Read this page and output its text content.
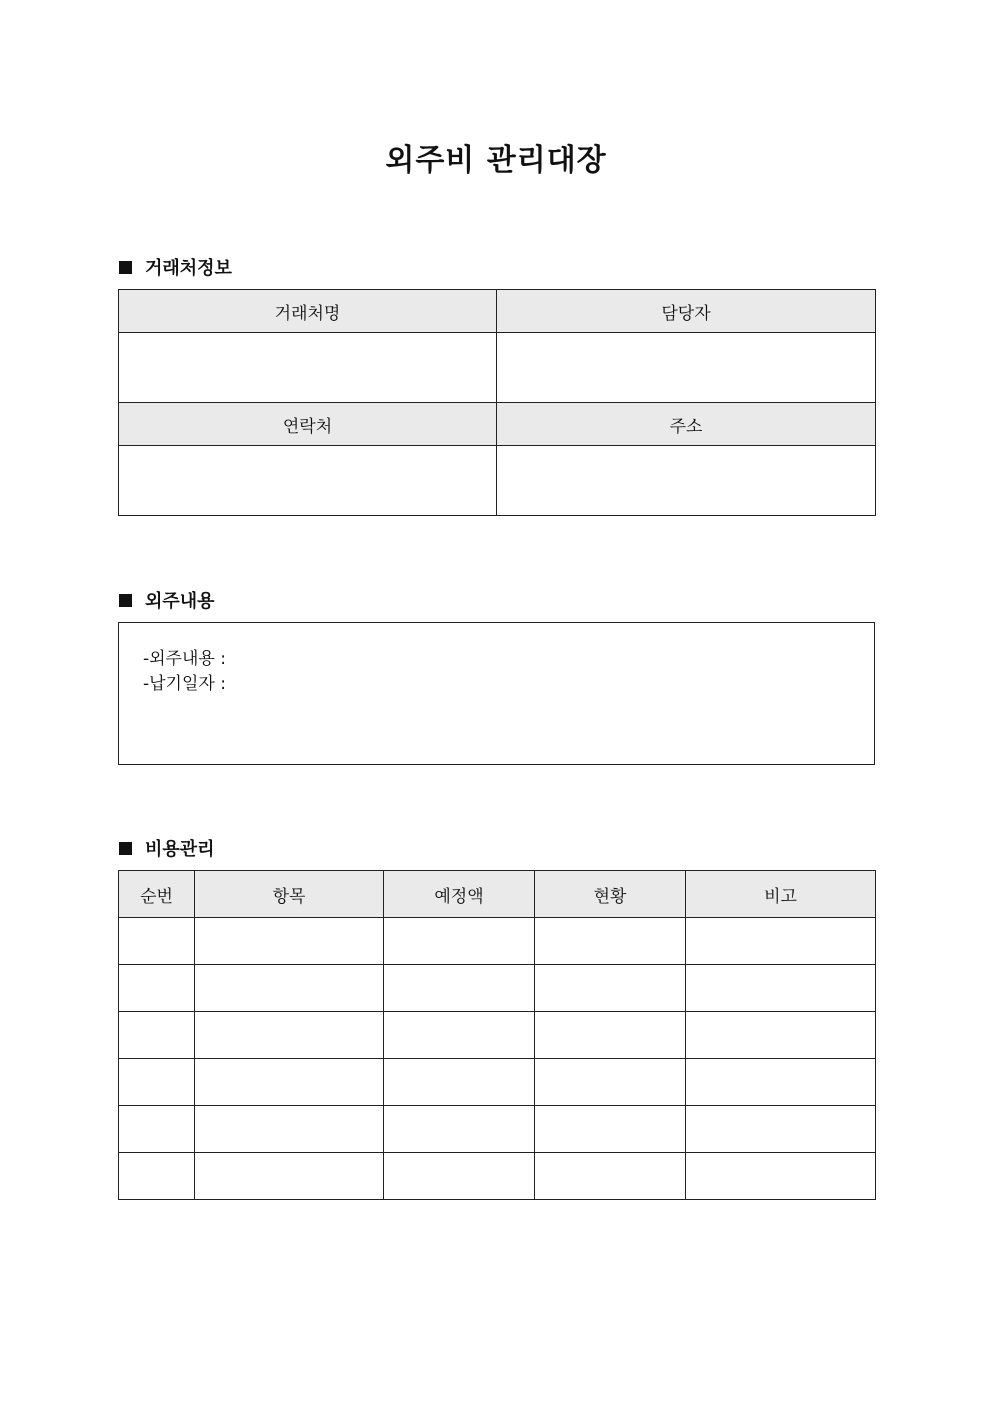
외주비 관리대장
거래처정보
거래처명	담당자

연락처	주소

외주내용
-외주내용 :
-납기일자 :
비용관리
순번	항목	예정액	현황	비고
